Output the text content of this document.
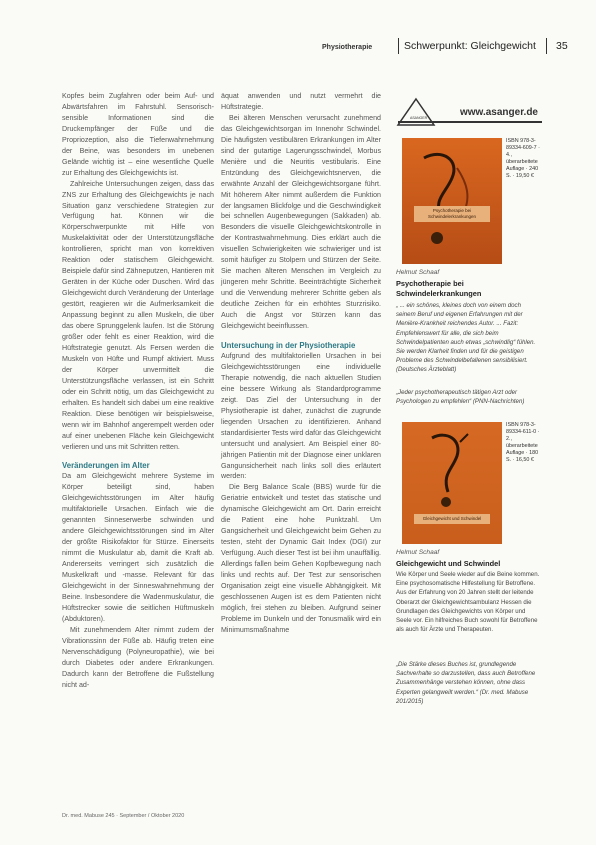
Physiotherapie	Schwerpunkt: Gleichgewicht 35

Kopfes beim Zugfahren oder beim Auf- und Abwärtsfahren im Fahrstuhl. Sensorisch-sensible Informationen sind die Druckempfänger der Füße und die Propriozeption, also die Tiefenwahrnehmung der Beine, was besonders im unebenen Gelände wichtig ist – eine wesentliche Quelle zur Erhaltung des Gleichgewichts ist.

Zahlreiche Untersuchungen zeigen, dass das ZNS zur Erhaltung des Gleichgewichts je nach Situation ganz verschiedene Strategien zur Verfügung hat. Können wir die Körperschwerpunkte mit Hilfe von Muskelaktivität oder der Unterstützungsfläche kontrollieren, spricht man von korrektiven Reaktion oder statischem Gleichgewicht. Beispiele dafür sind Zähneputzen, Hantieren mit Geräten in der Küche oder Duschen. Wird das Gleichgewicht durch Veränderung der Unterlage gestört, reagieren wir die Aufmerksamkeit die Anpassung beginnt zu allen Muskeln, die über das obere Sprunggelenk laufen. Ist die Störung größer oder fehlt es einer Reaktion, wird die Hüftstrategie genutzt. Als Fersen werden die Muskeln von Hüfte und Rumpf aktiviert. Muss der Körper unvermittelt die Unterstützungsfläche verlassen, ist ein Schritt oder ein Schritt nötig, um das Gleichgewicht zu erhalten. Es handelt sich dabei um eine reaktive Reaktion. Diese benötigen wir beispielsweise, wenn wir im Bahnhof angerempelt werden oder auf einer unebenen Fläche kein Gleichgewicht verlieren und uns mit Schritten retten.

Veränderungen im Alter

Da am Gleichgewicht mehrere Systeme im Körper beteiligt sind, haben Gleichgewichtsstörungen im Alter häufig multifaktorielle Ursachen. Einfach wie die genannten Sinneserwerbe schwinden und andere Gleichgewichtsstörungen sind im Alter der größte Risikofaktor für Stürze. Einerseits nimmt die Muskulatur ab, damit die Kraft ab. Andererseits verringert sich zusätzlich die Muskelkraft und -masse. Relevant für das Gleichgewicht in der Sinneswahrnehmung der Beine. Insbesondere die Wadenmuskulatur, die Hüftstrecker sowie die seitlichen Hüftmuskeln (Abduktoren).

Mit zunehmendem Alter nimmt zudem der Vibrationssinn der Füße ab. Häufig treten eine Nervenschädigung (Polyneuropathie), wie bei durch Diabetes oder andere Erkrankungen. Dadurch kann der Betroffene die Fußstellung nicht ad-

äquat anwenden und nutzt vermehrt die Hüftstrategie.

Bei älteren Menschen verursacht zunehmend das Gleichgewichtsorgan im Innenohr Schwindel. Die häufigsten vestibulären Erkrankungen im Alter sind der gutartige Lagerungsschwindel, Morbus Menière und die Neuritis vestibularis. Eine Entzündung des Gleichgewichtsnerven, die erwähnte Anzahl der Gleichgewichtsorgane führt. Mit höherem Alter nimmt außerdem die Funktion der langsamen Blickfolge und die Geschwindigkeit bei schnellen Augenbewegungen (Sakkaden) ab. Besonders die visuelle Gleichgewichtskontrolle in der Kontrastwahrnehmung. Dies erklärt auch die visuellen Schwierigkeiten wie schwieriger und ist somit häufiger zu Stolpern und Stürzen der Seite. Sie machen älteren Menschen im Vergleich zu jüngeren mehr Schritte. Beeinträchtigte Sicherheit und die Verwendung mehrerer Schritte geben als deutliche Zeichen für ein erhöhtes Sturzrisiko. Auch die Angst vor Stürzen kann das Gleichgewicht beeinflussen.

Untersuchung in der Physiotherapie

Aufgrund des multifaktoriellen Ursachen in bei Gleichgewichtsstörungen eine individuelle Therapie notwendig, die nach aktuellen Studien eine bessere Wirkung als Standardprogramme zeigt. Das Ziel der Untersuchung in der Physiotherapie ist daher, zunächst die zugrunde liegenden Ursachen zu identifizieren. Anhand standardisierter Tests wird dafür das Gleichgewicht untersucht und analysiert. Am Beispiel einer 80-jährigen Patientin mit der Diagnose einer unklaren Gangunsicherheit nach links soll dies erläutert werden:

Die Berg Balance Scale (BBS) wurde für die Geriatrie entwickelt und testet das statische und dynamische Gleichgewicht am Ort. Darin erreicht die Patient eine hohe Punktzahl. Um Gangsicherheit und Gleichgewicht beim Gehen zu testen, steht der Dynamic Gait Index (DGI) zur Verfügung. Auch dieser Test ist bei ihm unauffällig. Allerdings fallen beim Gehen Kopfbewegung nach links und rechts auf. Der Test zur sensorischen Organisation zeigt eine visuelle Abhängigkeit. Mit geschlossenen Augen ist es dem Patienten nicht möglich, frei stehen zu bleiben. Aufgrund seiner Probleme im Dunkeln und der Tonusmalik wird ein Minimumsmaßnahme

ASANGER	www.asanger.de
Psychotherapie bei Schwindelerkrankungen
ISBN 978-3-89334-609-7 · 4., überarbeitete Auflage · 240 S. · 19,50 €
Helmut Schaaf
Psychotherapie bei Schwindelerkrankungen
„ ... ein schönes, kleines doch von einem doch seinem Beruf und eigenen Erfahrungen mit der Menière-Krankheit reichendes Autor. ... Fazit: Empfehlenswert für alle, die sich beim Schwindelpatienten auch etwas „schwindlig“ fühlen. Sie werden Klarheit finden und für die geistigen Probleme des Schwindelbefallenen sensibilisiert. (Deutsches Ärzteblatt)
„Jeder psychotherapeutisch tätigen Arzt oder Psychologen zu empfehlen“ (PNN-Nachrichten)
Gleichgewicht und Schwindel
ISBN 978-3-89334-611-0 · 2., überarbeitete Auflage · 180 S. · 16,50 €
Helmut Schaaf
Gleichgewicht und Schwindel
Wie Körper und Seele wieder auf die Beine kommen. Eine psychosomatische Hilfestellung für Betroffene. Aus der Erfahrung von 20 Jahren stellt der leitende Oberarzt der Gleichgewichtsambulanz Hessen die Grundlagen des Gleichgewichts von Körper und Seele vor. Ein hilfreiches Buch sowohl für Betroffene als auch für Ärzte und Therapeuten.
„Die Stärke dieses Buches ist, grundlegende Sachverhalte so darzustellen, dass auch Betroffene Zusammenhänge verstehen können, ohne dass Experten gelangweilt werden.“ (Dr. med. Mabuse 201/2015)
Dr. med. Mabuse 245 · September / Oktober 2020
